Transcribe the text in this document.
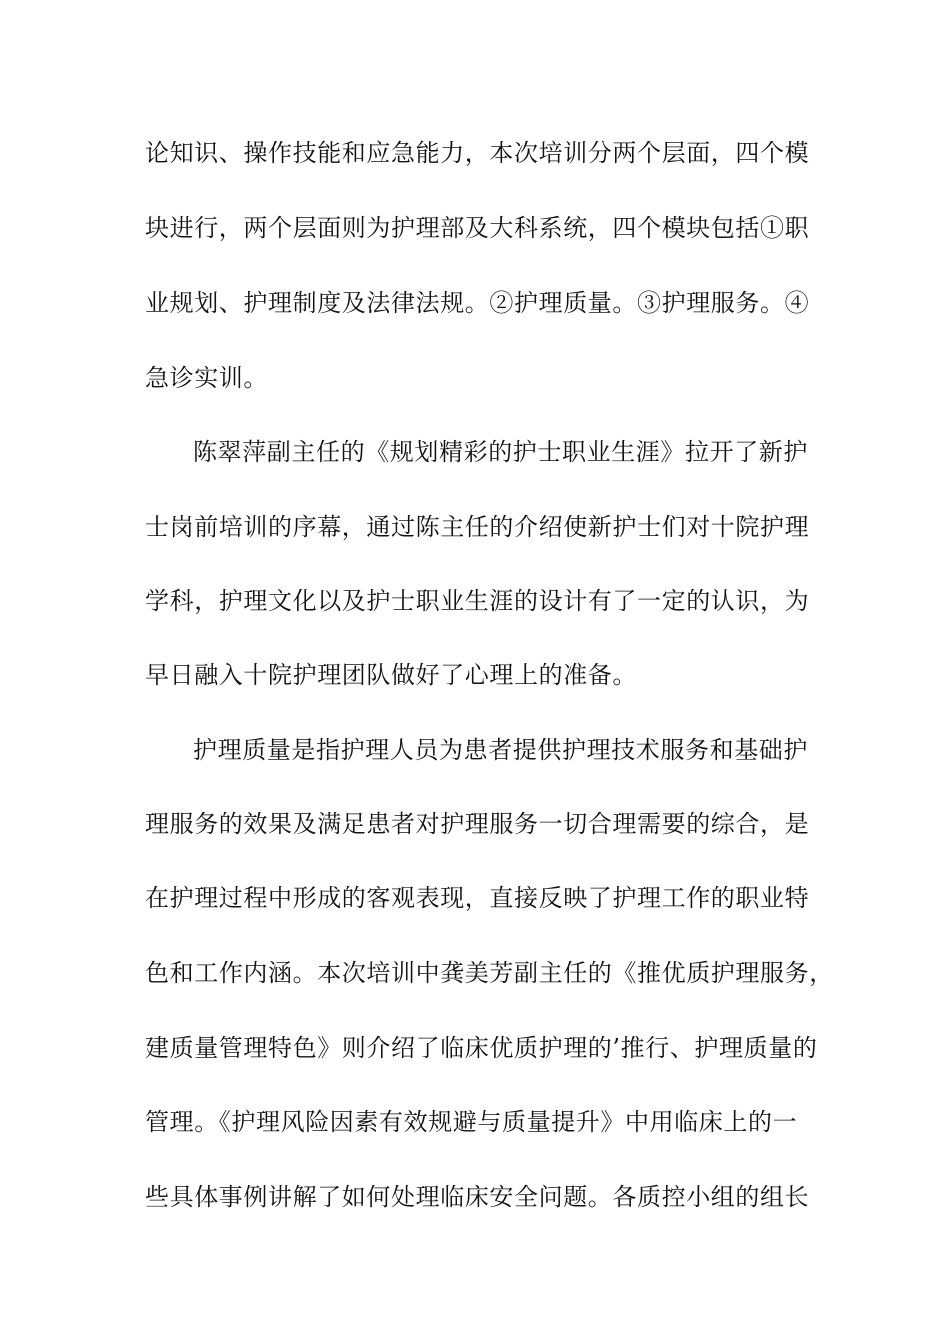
论知识、操作技能和应急能力，本次培训分两个层面，四个模
块进行，两个层面则为护理部及大科系统，四个模块包括①职
业规划、护理制度及法律法规。②护理质量。③护理服务。④
急诊实训。
陈翠萍副主任的《规划精彩的护士职业生涯》拉开了新护
士岗前培训的序幕，通过陈主任的介绍使新护士们对十院护理
学科，护理文化以及护士职业生涯的设计有了一定的认识，为
早日融入十院护理团队做好了心理上的准备。
护理质量是指护理人员为患者提供护理技术服务和基础护
理服务的效果及满足患者对护理服务一切合理需要的综合，是
在护理过程中形成的客观表现，直接反映了护理工作的职业特
色和工作内涵。本次培训中龚美芳副主任的《推优质护理服务，
建质量管理特色》则介绍了临床优质护理的’推行、护理质量的
管理。《护理风险因素有效规避与质量提升》中用临床上的一
些具体事例讲解了如何处理临床安全问题。各质控小组的组长
